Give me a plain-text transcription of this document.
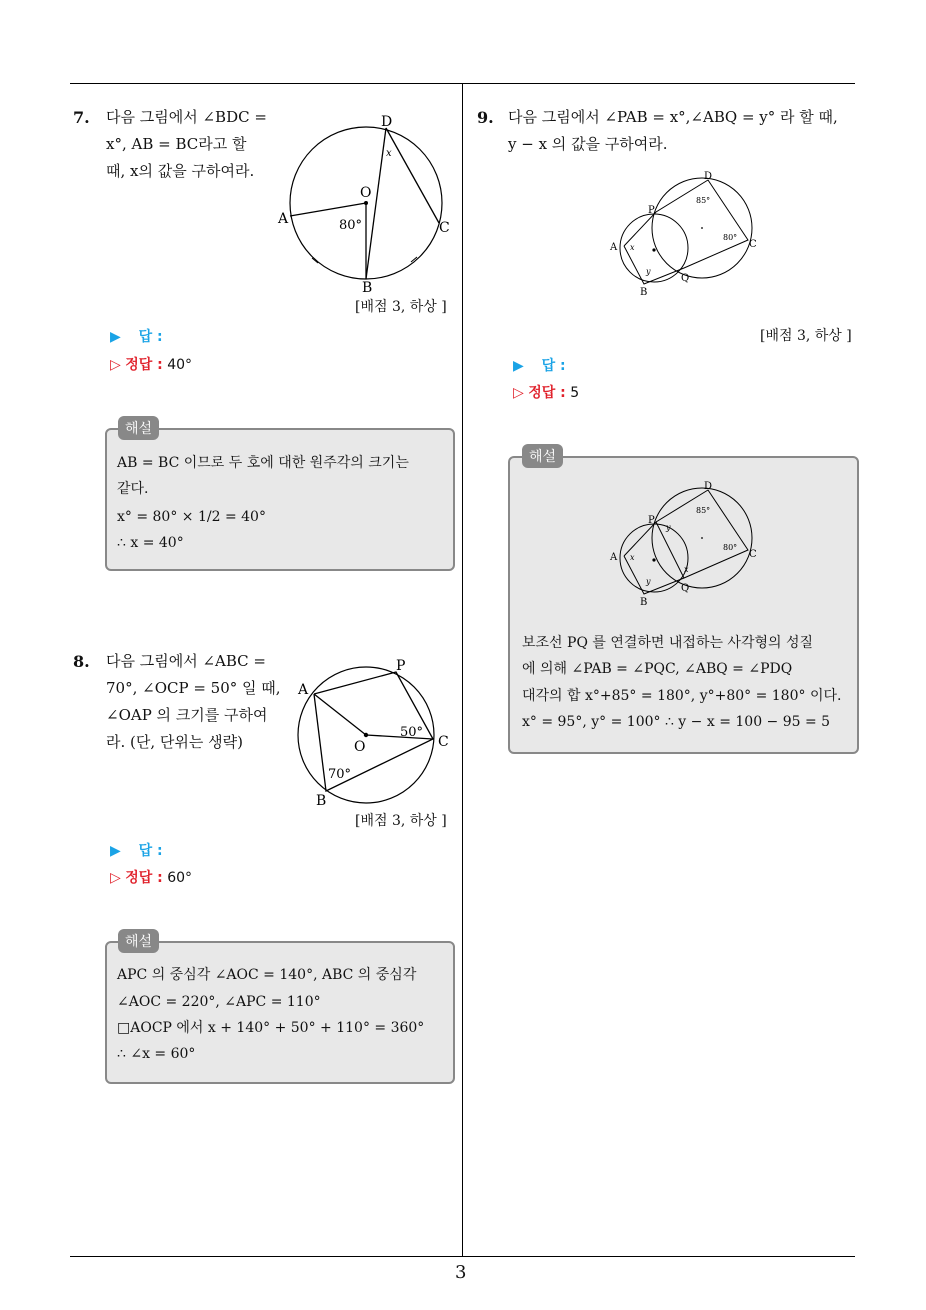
3
7. 다음 그림에서 ∠BDC =
x°, AB = BC라고 할
때, x의 값을 구하여라.
D
x
O
A	80°	C
B
[배점 3, 하상 ]
▶ 답 :
▷ 정답 : 40°
해설
AB = BC 이므로 두 호에 대한 원주각의 크기는
같다.
x° = 80° × 1/2 = 40°
∴ x = 40°
8. 다음 그림에서 ∠ABC =
70°, ∠OCP = 50° 일 때,
∠OAP 의 크기를 구하여
라. (단, 단위는 생략)
P
A
O
50°
C
70°
B
[배점 3, 하상 ]
▶ 답 :
▷ 정답 : 60°
해설
APC 의 중심각 ∠AOC = 140°, ABC 의 중심각
∠AOC = 220°, ∠APC = 110°
□AOCP 에서 x + 140° + 50° + 110° = 360°
∴ ∠x = 60°
9. 다음 그림에서 ∠PAB = x°,∠ABQ = y° 라 할 때,
y − x 의 값을 구하여라.
D
85°
P
A x
80°
C
y
Q
B
[배점 3, 하상 ]
▶ 답 :
▷ 정답 : 5
해설
D
85°
P
y
A x
x
80°
C
y
Q
B
보조선 PQ 를 연결하면 내접하는 사각형의 성질
에 의해 ∠PAB = ∠PQC, ∠ABQ = ∠PDQ
대각의 합 x°+85° = 180°, y°+80° = 180° 이다.
x° = 95°, y° = 100° ∴ y − x = 100 − 95 = 5
